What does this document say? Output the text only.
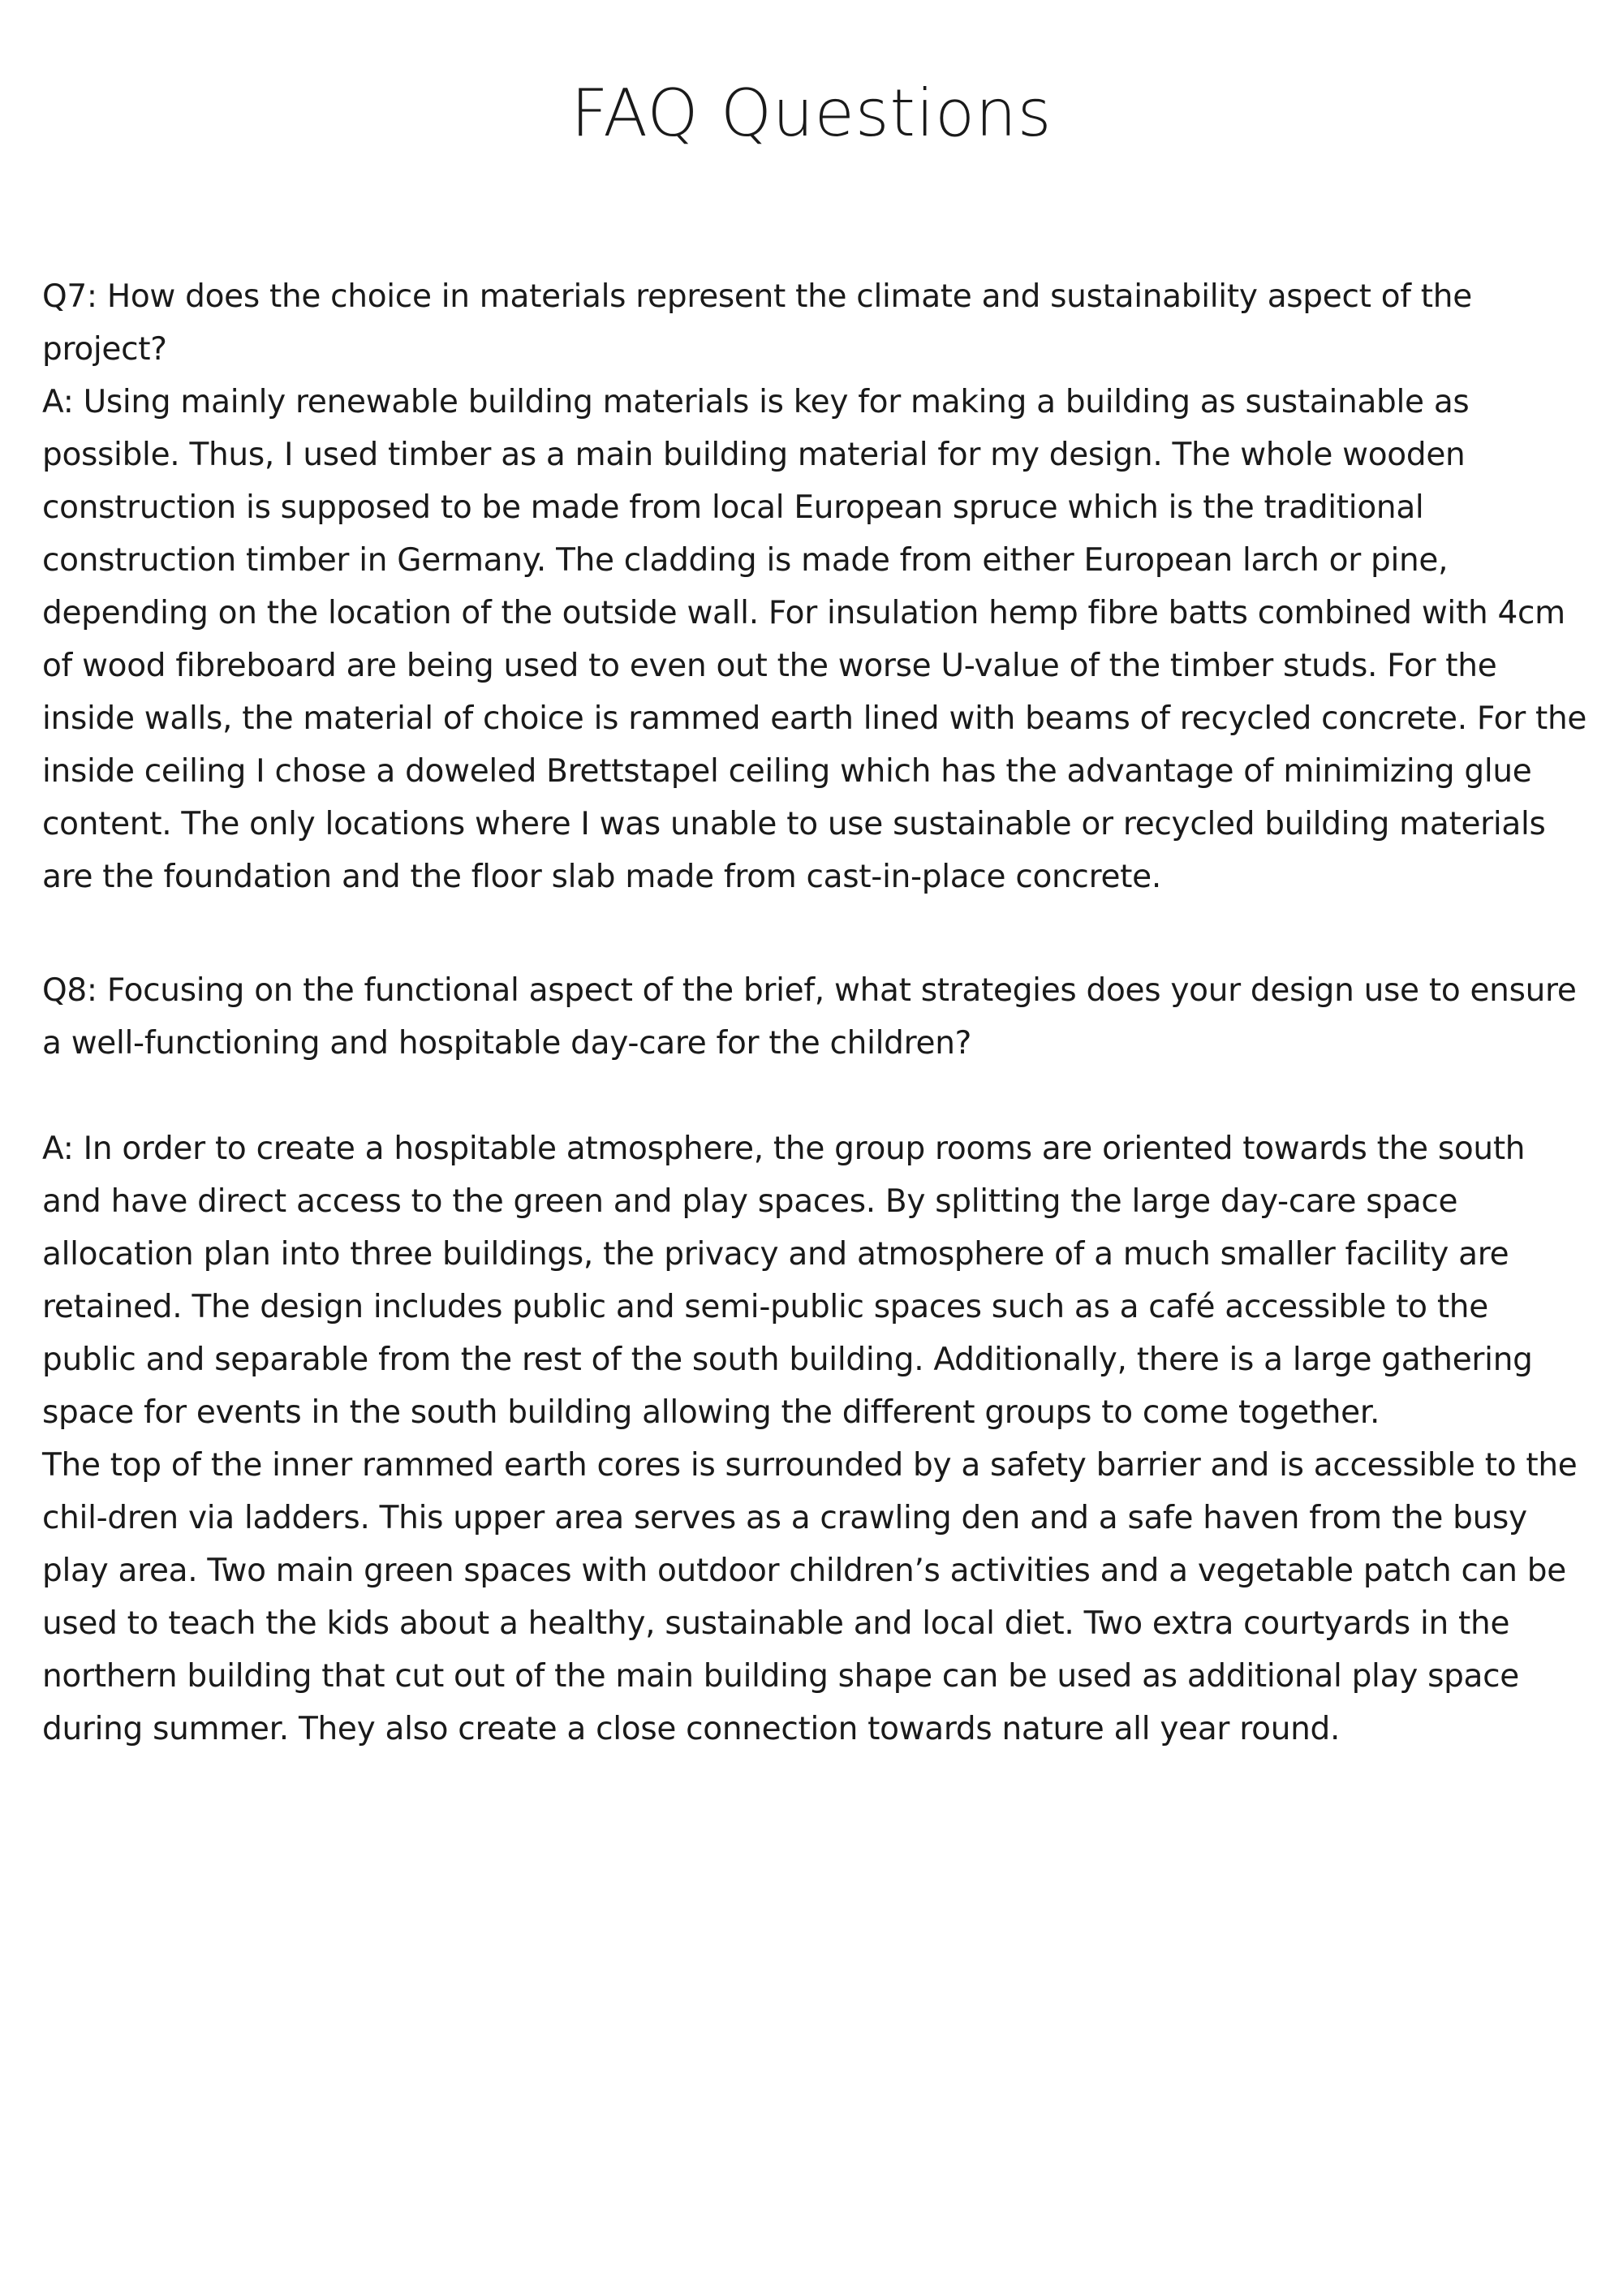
FAQ Questions

Q7: How does the choice in materials represent the climate and sustainability aspect of the project?

A: Using mainly renewable building materials is key for making a building as sustainable as possible. Thus, I used timber as a main building material for my design. The whole wooden construction is supposed to be made from local European spruce which is the traditional construction timber in Germany. The cladding is made from either European larch or pine, depending on the location of the outside wall. For insulation hemp fibre batts combined with 4cm of wood fibreboard are being used to even out the worse U-value of the timber studs. For the inside walls, the material of choice is rammed earth lined with beams of recycled concrete. For the inside ceiling I chose a doweled Brettstapel ceiling which has the advantage of minimizing glue content. The only locations where I was unable to use sustainable or recycled building materials are the foundation and the floor slab made from cast-in-place concrete.

Q8: Focusing on the functional aspect of the brief, what strategies does your design use to ensure a well-functioning and hospitable day-care for the children?

A: In order to create a hospitable atmosphere, the group rooms are oriented towards the south and have direct access to the green and play spaces. By splitting the large day-care space allocation plan into three buildings, the privacy and atmosphere of a much smaller facility are retained. The design includes public and semi-public spaces such as a café accessible to the public and separable from the rest of the south building. Additionally, there is a large gathering space for events in the south building allowing the different groups to come together.

The top of the inner rammed earth cores is surrounded by a safety barrier and is accessible to the chil-dren via ladders. This upper area serves as a crawling den and a safe haven from the busy play area. Two main green spaces with outdoor children’s activities and a vegetable patch can be used to teach the kids about a healthy, sustainable and local diet. Two extra courtyards in the northern building that cut out of the main building shape can be used as additional play space during summer. They also create a close connection towards nature all year round.
